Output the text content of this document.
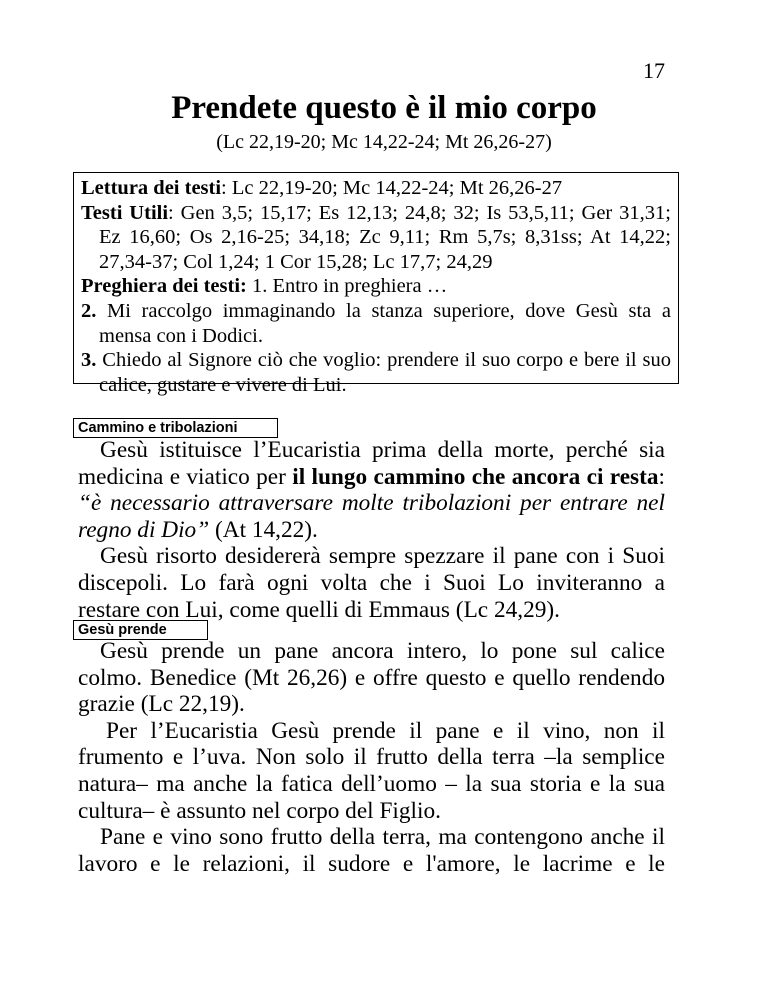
17
Prendete questo è il mio corpo
(Lc 22,19-20; Mc 14,22-24; Mt 26,26-27)

Lettura dei testi: Lc 22,19-20; Mc 14,22-24; Mt 26,26-27

Testi Utili: Gen 3,5; 15,17; Es 12,13; 24,8; 32; Is 53,5,11; Ger 31,31; Ez 16,60; Os 2,16-25; 34,18; Zc 9,11; Rm 5,7s; 8,31ss; At 14,22; 27,34-37; Col 1,24; 1 Cor 15,28; Lc 17,7; 24,29

Preghiera dei testi: 1. Entro in preghiera …

2. Mi raccolgo immaginando la stanza superiore, dove Gesù sta a mensa con i Dodici.

3. Chiedo al Signore ciò che voglio: prendere il suo corpo e bere il suo calice, gustare e vivere di Lui.

Cammino e tribolazioni

Gesù istituisce l’Eucaristia prima della morte, perché sia medicina e viatico per il lungo cammino che ancora ci resta: “è necessario attraversare molte tribolazioni per entrare nel regno di Dio” (At 14,22).

Gesù risorto desidererà sempre spezzare il pane con i Suoi discepoli. Lo farà ogni volta che i Suoi Lo inviteranno a restare con Lui, come quelli di Emmaus (Lc 24,29).

Gesù prende

Gesù prende un pane ancora intero, lo pone sul calice colmo. Benedice (Mt 26,26) e offre questo e quello rendendo grazie (Lc 22,19).

Per l’Eucaristia Gesù prende il pane e il vino, non il frumento e l’uva. Non solo il frutto della terra –la semplice natura– ma anche la fatica dell’uomo – la sua storia e la sua cultura– è assunto nel corpo del Figlio.

Pane e vino sono frutto della terra, ma contengono anche il lavoro e le relazioni, il sudore e l'amore, le lacrime e le
